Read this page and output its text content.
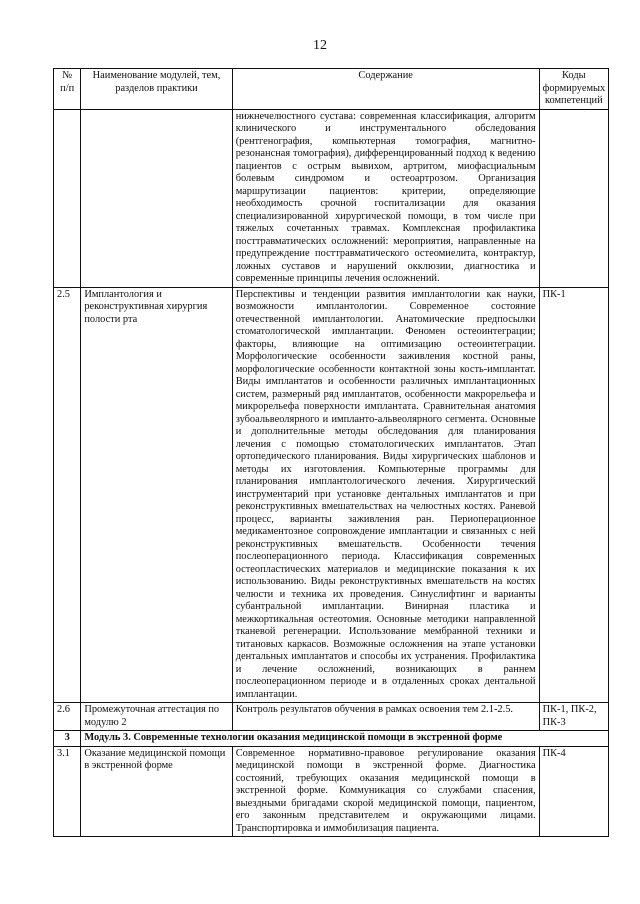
12
№ п/п	Наименование модулей, тем, разделов практики	Содержание	Коды формируемых компетенций
		нижнечелюстного сустава: современная классификация, алгоритм клинического и инструментального обследования (рентгенография, компьютерная томография, магнитно-резонансная томография), дифференцированный подход к ведению пациентов с острым вывихом, артритом, миофасциальным болевым синдромом и остеоартрозом. Организация маршрутизации пациентов: критерии, определяющие необходимость срочной госпитализации для оказания специализированной хирургической помощи, в том числе при тяжелых сочетанных травмах. Комплексная профилактика посттравматических осложнений: мероприятия, направленные на предупреждение посттравматического остеомиелита, контрактур, ложных суставов и нарушений окклюзии, диагностика и современные принципы лечения осложнений.	
2.5	Имплантология и реконструктивная хирургия полости рта	Перспективы и тенденции развития имплантологии как науки, возможности имплантологии. Современное состояние отечественной имплантологии. Анатомические предпосылки стоматологической имплантации. Феномен остеоинтеграции; факторы, влияющие на оптимизацию остеоинтеграции. Морфологические особенности заживления костной раны, морфологические особенности контактной зоны кость-имплантат. Виды имплантатов и особенности различных имплантационных систем, размерный ряд имплантатов, особенности макрорельефа и микрорельефа поверхности имплантата. Сравнительная анатомия зубоальвеолярного и имплантo-альвеолярного сегмента. Основные и дополнительные методы обследования для планирования лечения с помощью стоматологических имплантатов. Этап ортопедического планирования. Виды хирургических шаблонов и методы их изготовления. Компьютерные программы для планирования имплантологического лечения. Хирургический инструментарий при установке дентальных имплантатов и при реконструктивных вмешательствах на челюстных костях. Раневой процесс, варианты заживления ран. Периоперационное медикаментозное сопровождение имплантации и связанных с ней реконструктивных вмешательств. Особенности течения послеоперационного периода. Классификация современных остеопластических материалов и медицинские показания к их использованию. Виды реконструктивных вмешательств на костях челюсти и техника их проведения. Синуслифтинг и варианты субантральной имплантации. Винирная пластика и межкортикальная остеотомия. Основные методики направленной тканевой регенерации. Использование мембранной техники и титановых каркасов. Возможные осложнения на этапе установки дентальных имплантатов и способы их устранения. Профилактика и лечение осложнений, возникающих в раннем послеоперационном периоде и в отдаленных сроках дентальной имплантации.	ПК-1
2.6	Промежуточная аттестация по модулю 2	Контроль результатов обучения в рамках освоения тем 2.1-2.5.	ПК-1, ПК-2, ПК-3
3	Модуль 3. Современные технологии оказания медицинской помощи в экстренной форме		
3.1	Оказание медицинской помощи в экстренной форме	Современное нормативно-правовое регулирование оказания медицинской помощи в экстренной форме. Диагностика состояний, требующих оказания медицинской помощи в экстренной форме. Коммуникация со службами спасения, выездными бригадами скорой медицинской помощи, пациентом, его законным представителем и окружающими лицами. Транспортировка и иммобилизация пациента.	ПК-4
